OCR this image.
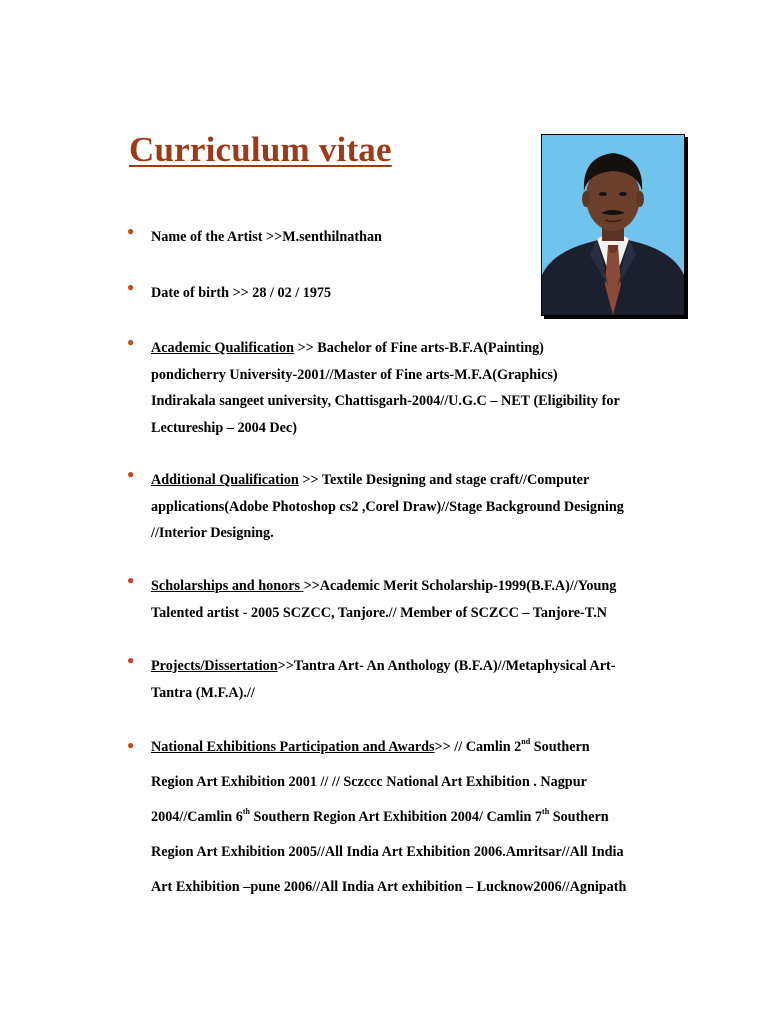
Curriculum vitae
● Name of the Artist >>M.senthilnathan
● Date of birth >> 28 / 02 / 1975
● Academic Qualification >> Bachelor of Fine arts-B.F.A(Painting)
pondicherry University-2001//Master of Fine arts-M.F.A(Graphics)
Indirakala sangeet university, Chattisgarh-2004//U.G.C – NET (Eligibility for
Lectureship – 2004 Dec)
● Additional Qualification >> Textile Designing and stage craft//Computer
applications(Adobe Photoshop cs2 ,Corel Draw)//Stage Background Designing
//Interior Designing.
● Scholarships and honors >>Academic Merit Scholarship-1999(B.F.A)//Young
Talented artist - 2005 SCZCC, Tanjore.// Member of SCZCC – Tanjore-T.N
● Projects/Dissertation>>Tantra Art- An Anthology (B.F.A)//Metaphysical Art-
Tantra (M.F.A).//
● National Exhibitions Participation and Awards>> // Camlin 2nd Southern
Region Art Exhibition 2001 // // Sczccc National Art Exhibition . Nagpur
2004//Camlin 6th Southern Region Art Exhibition 2004/ Camlin 7th Southern
Region Art Exhibition 2005//All India Art Exhibition 2006.Amritsar//All India
Art Exhibition –pune 2006//All India Art exhibition – Lucknow2006//Agnipath
